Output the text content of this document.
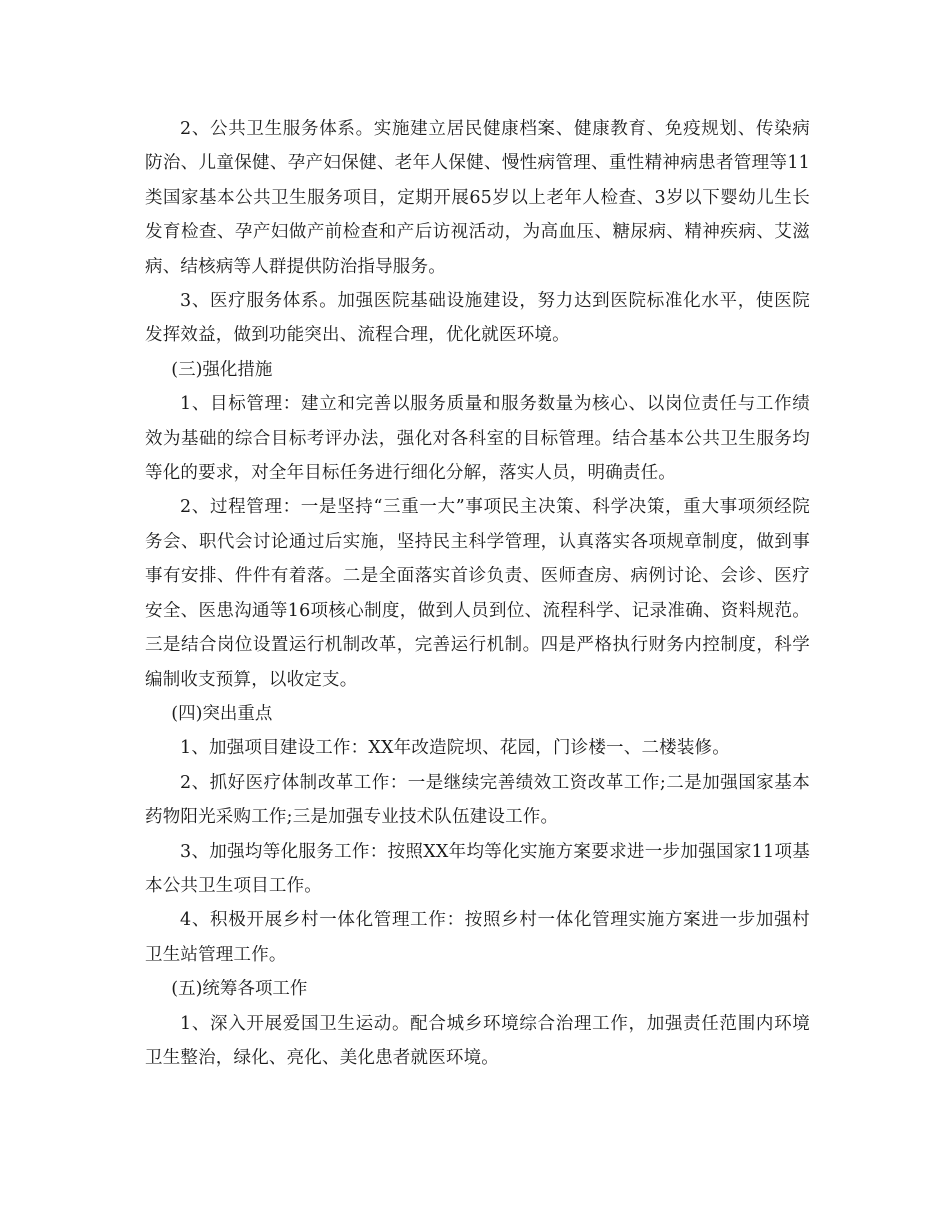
2、公共卫生服务体系。实施建立居民健康档案、健康教育、免疫规划、传染病防治、儿童保健、孕产妇保健、老年人保健、慢性病管理、重性精神病患者管理等11类国家基本公共卫生服务项目，定期开展65岁以上老年人检查、3岁以下婴幼儿生长发育检查、孕产妇做产前检查和产后访视活动，为高血压、糖尿病、精神疾病、艾滋病、结核病等人群提供防治指导服务。

3、医疗服务体系。加强医院基础设施建设，努力达到医院标准化水平，使医院发挥效益，做到功能突出、流程合理，优化就医环境。

(三)强化措施

1、目标管理：建立和完善以服务质量和服务数量为核心、以岗位责任与工作绩效为基础的综合目标考评办法，强化对各科室的目标管理。结合基本公共卫生服务均等化的要求，对全年目标任务进行细化分解，落实人员，明确责任。

2、过程管理：一是坚持“三重一大”事项民主决策、科学决策，重大事项须经院务会、职代会讨论通过后实施，坚持民主科学管理，认真落实各项规章制度，做到事事有安排、件件有着落。二是全面落实首诊负责、医师查房、病例讨论、会诊、医疗安全、医患沟通等16项核心制度，做到人员到位、流程科学、记录准确、资料规范。三是结合岗位设置运行机制改革，完善运行机制。四是严格执行财务内控制度，科学编制收支预算，以收定支。

(四)突出重点

1、加强项目建设工作：XX年改造院坝、花园，门诊楼一、二楼装修。

2、抓好医疗体制改革工作：一是继续完善绩效工资改革工作;二是加强国家基本药物阳光采购工作;三是加强专业技术队伍建设工作。

3、加强均等化服务工作：按照XX年均等化实施方案要求进一步加强国家11项基本公共卫生项目工作。

4、积极开展乡村一体化管理工作：按照乡村一体化管理实施方案进一步加强村卫生站管理工作。

(五)统筹各项工作

1、深入开展爱国卫生运动。配合城乡环境综合治理工作，加强责任范围内环境卫生整治，绿化、亮化、美化患者就医环境。
